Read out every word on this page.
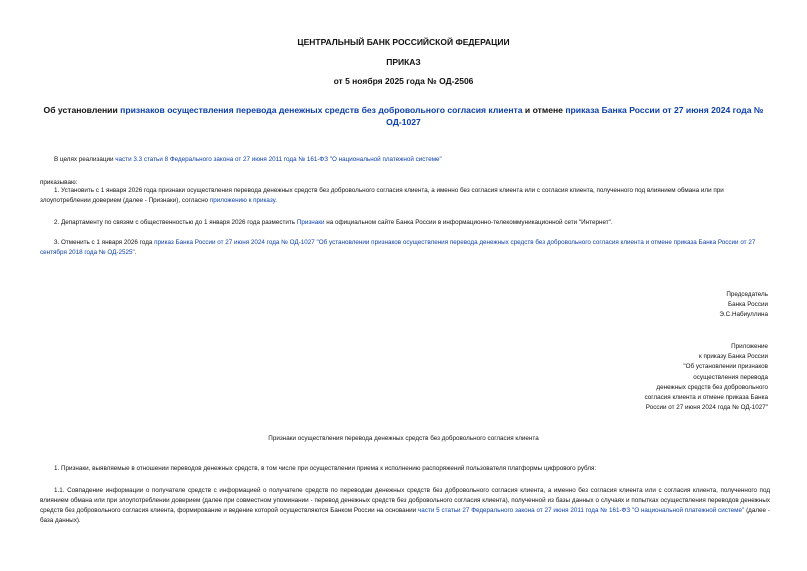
ЦЕНТРАЛЬНЫЙ БАНК РОССИЙСКОЙ ФЕДЕРАЦИИ
ПРИКАЗ
от 5 ноября 2025 года № ОД-2506
Об установлении признаков осуществления перевода денежных средств без добровольного согласия клиента и отмене приказа Банка России от 27 июня 2024 года № ОД-1027
В целях реализации части 3.3 статьи 8 Федерального закона от 27 июня 2011 года № 161-ФЗ "О национальной платежной системе"
приказываю:
1. Установить с 1 января 2026 года признаки осуществления перевода денежных средств без добровольного согласия клиента, а именно без согласия клиента или с согласия клиента, полученного под влиянием обмана или при злоупотреблении доверием (далее - Признаки), согласно приложению к приказу.
2. Департаменту по связям с общественностью до 1 января 2026 года разместить Признаки на официальном сайте Банка России в информационно-телекоммуникационной сети "Интернет".
3. Отменить с 1 января 2026 года приказ Банка России от 27 июня 2024 года № ОД-1027 "Об установлении признаков осуществления перевода денежных средств без добровольного согласия клиента и отмене приказа Банка России от 27 сентября 2018 года № ОД-2525".
Председатель
Банка России
Э.С.Набиуллина
Приложение
к приказу Банка России
"Об установлении признаков
осуществления перевода
денежных средств без добровольного
согласия клиента и отмене приказа Банка
России от 27 июня 2024 года № ОД-1027"
Признаки осуществления перевода денежных средств без добровольного согласия клиента
1. Признаки, выявляемые в отношении переводов денежных средств, в том числе при осуществлении приема к исполнению распоряжений пользователя платформы цифрового рубля:
1.1. Совпадение информации о получателе средств с информацией о получателе средств по переводам денежных средств без добровольного согласия клиента, а именно без согласия клиента или с согласия клиента, полученного под влиянием обмана или при злоупотреблении доверием (далее при совместном упоминании - перевод денежных средств без добровольного согласия клиента), полученной из базы данных о случаях и попытках осуществления переводов денежных средств без добровольного согласия клиента, формирование и ведение которой осуществляются Банком России на основании части 5 статьи 27 Федерального закона от 27 июня 2011 года № 161-ФЗ "О национальной платежной системе" (далее - база данных).
